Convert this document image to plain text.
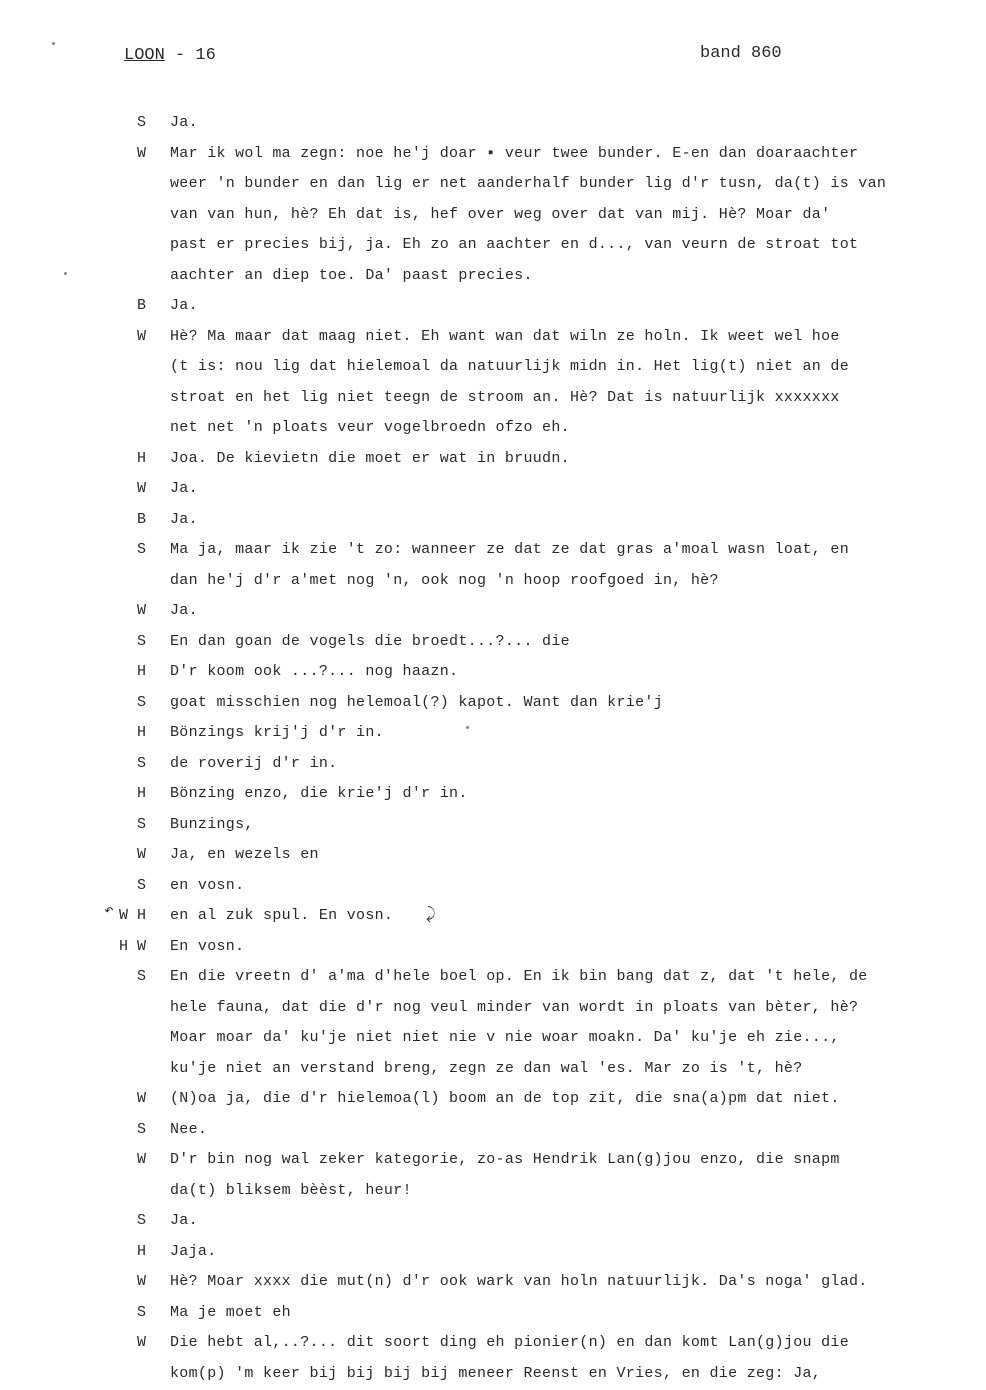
LOON - 16	band 860
S Ja.
W Mar ik wol ma zegn: noe he'j doar ▪ veur twee bunder. E-en dan doaraachter
weer 'n bunder en dan lig er net aanderhalf bunder lig d'r tusn, da(t) is van
van van hun, hè? Eh dat is, hef over weg over dat van mij. Hè? Moar da'
past er precies bij, ja. Eh zo an aachter en d..., van veurn de stroat tot
aachter an diep toe. Da' paast precies.
B Ja.
W Hè? Ma maar dat maag niet. Eh want wan dat wiln ze holn. Ik weet wel hoe
(t is: nou lig dat hielemoal da natuurlijk midn in. Het lig(t) niet an de
stroat en het lig niet teegn de stroom an. Hè? Dat is natuurlijk xxxxxxx
net net 'n ploats veur vogelbroedn ofzo eh.
H Joa. De kievietn die moet er wat in bruudn.
W Ja.
B Ja.
S Ma ja, maar ik zie 't zo: wanneer ze dat ze dat gras a'moal wasn loat, en
dan he'j d'r a'met nog 'n, ook nog 'n hoop roofgoed in, hè?
W Ja.
S En dan goan de vogels die broedt...?... die
H D'r koom ook ...?... nog haazn.
S goat misschien nog helemoal(?) kapot. Want dan krie'j
H Bönzings krij'j d'r in.
S de roverij d'r in.
H Bönzing enzo, die krie'j d'r in.
S Bunzings,
W Ja, en wezels en
S en vosn.
W H en al zuk spul. En vosn.
H W En vosn.
S En die vreetn d' a'ma d'hele boel op. En ik bin bang dat z, dat 't hele, de
hele fauna, dat die d'r nog veul minder van wordt in ploats van bèter, hè?
Moar moar da' ku'je niet niet nie v nie woar moakn. Da' ku'je eh zie...,
ku'je niet an verstand breng, zegn ze dan wal 'es. Mar zo is 't, hè?
W (N)oa ja, die d'r hielemoa(l) boom an de top zit, die sna(a)pm dat niet.
S Nee.
W D'r bin nog wal zeker kategorie, zo-as Hendrik Lan(g)jou enzo, die snapm
da(t) bliksem bèèst, heur!
S Ja.
H Jaja.
W Hè? Moar xxxx die mut(n) d'r ook wark van holn natuurlijk. Da's noga' glad.
S Ma je moet eh
W Die hebt al,..?... dit soort ding eh pionier(n) en dan komt Lan(g)jou die
kom(p) 'm keer bij bij bij bij meneer Reenst en Vries, en die zeg: Ja,
↶	⤸
